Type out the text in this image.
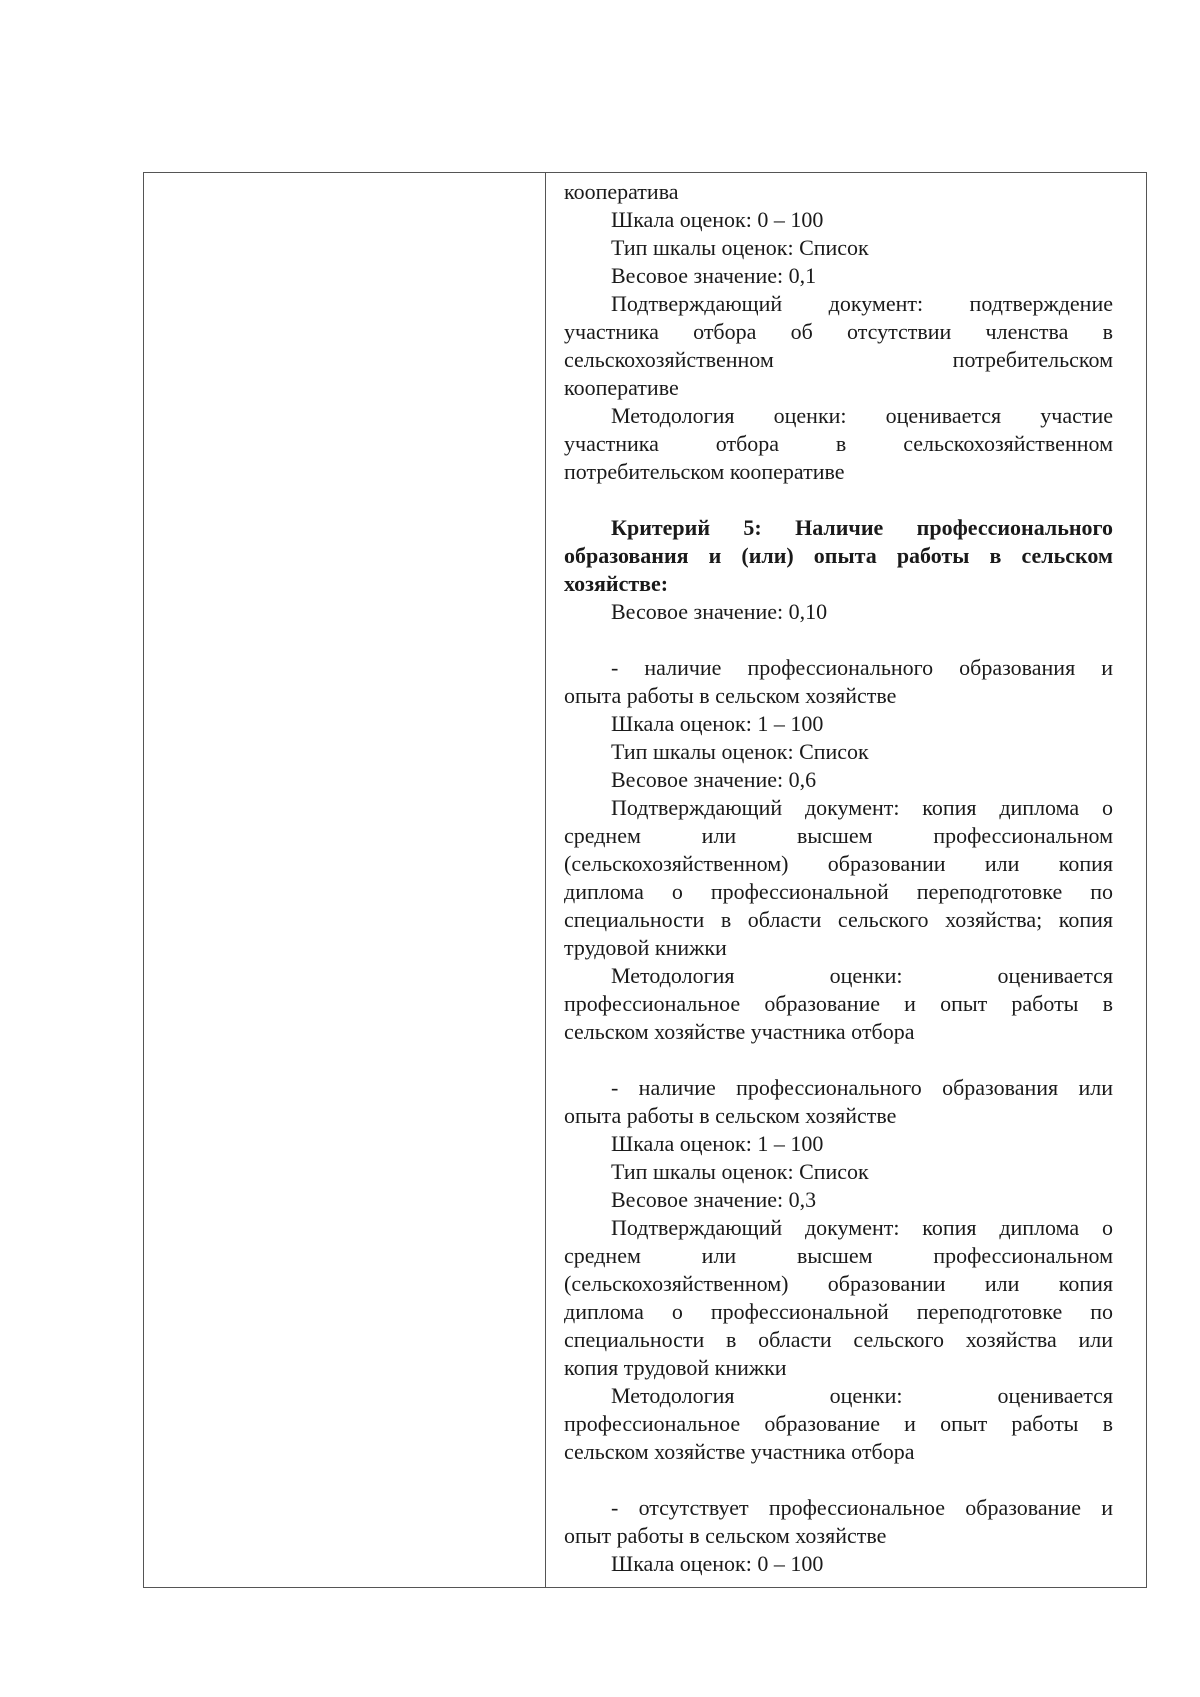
кооператива
Шкала оценок: 0 – 100
Тип шкалы оценок: Список
Весовое значение: 0,1
Подтверждающий документ: подтверждение
участника отбора об отсутствии членства в
сельскохозяйственном потребительском
кооперативе
Методология оценки: оценивается участие
участника отбора в сельскохозяйственном
потребительском кооперативе
Критерий 5: Наличие профессионального
образования и (или) опыта работы в сельском
хозяйстве:
Весовое значение: 0,10
- наличие профессионального образования и
опыта работы в сельском хозяйстве
Шкала оценок: 1 – 100
Тип шкалы оценок: Список
Весовое значение: 0,6
Подтверждающий документ: копия диплома о
среднем или высшем профессиональном
(сельскохозяйственном) образовании или копия
диплома о профессиональной переподготовке по
специальности в области сельского хозяйства; копия
трудовой книжки
Методология оценки: оценивается
профессиональное образование и опыт работы в
сельском хозяйстве участника отбора
- наличие профессионального образования или
опыта работы в сельском хозяйстве
Шкала оценок: 1 – 100
Тип шкалы оценок: Список
Весовое значение: 0,3
Подтверждающий документ: копия диплома о
среднем или высшем профессиональном
(сельскохозяйственном) образовании или копия
диплома о профессиональной переподготовке по
специальности в области сельского хозяйства или
копия трудовой книжки
Методология оценки: оценивается
профессиональное образование и опыт работы в
сельском хозяйстве участника отбора
- отсутствует профессиональное образование и
опыт работы в сельском хозяйстве
Шкала оценок: 0 – 100
